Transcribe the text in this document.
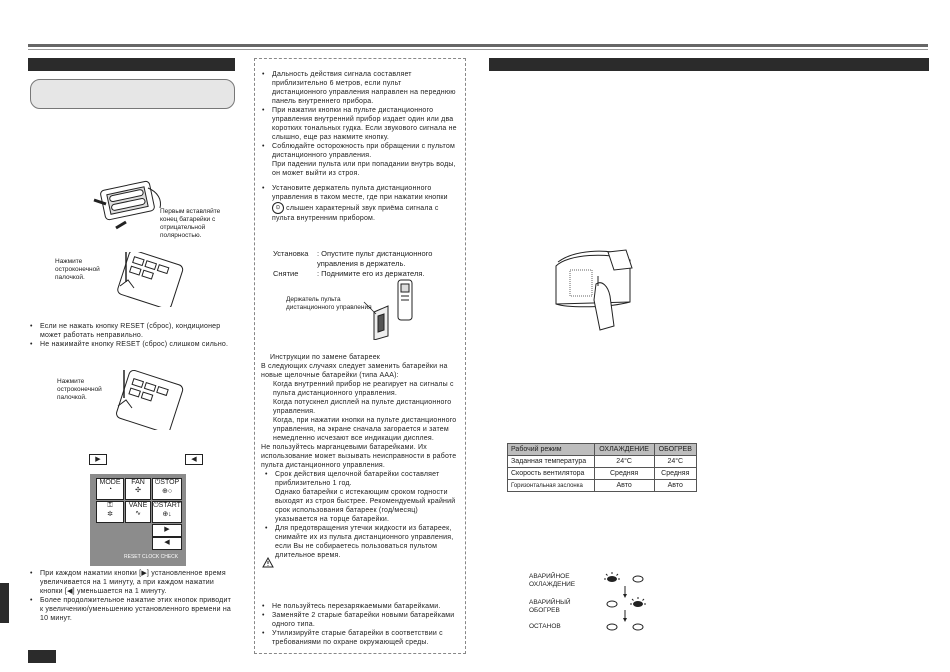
Первым вставляйте конец батарейки с отрицательной полярностью.
Нажмите остроконечной палочкой.

• Если не нажать кнопку RESET (сброс), кондиционер может работать неправильно.

• Не нажимайте кнопку RESET (сброс) слишком сильно.

Нажмите остроконечной палочкой.
▶	◀
MODE
◔
FAN
✣
⏻STOP
⊕○
⚿
✲
VANE
∿
⏻START
⊕↓
▶
◀
RESET CLOCK CHECK

• При каждом нажатии кнопки [▶] установленное время увеличивается на 1 минуту, а при каждом нажатии кнопки [◀] уменьшается на 1 минуту.

• Более продолжительное нажатие этих кнопок приводит к увеличению/уменьшению установленного времени на 10 минут.

• Дальность действия сигнала составляет приблизительно 6 метров, если пульт дистанционного управления направлен на переднюю панель внутреннего прибора.

• При нажатии кнопки на пульте дистанционного управления внутренний прибор издает один или два коротких тональных гудка. Если звукового сигнала не слышно, еще раз нажмите кнопку.

• Соблюдайте осторожность при обращении с пультом дистанционного управления.

При падении пульта или при попадании внутрь воды, он может выйти из строя.

• Установите держатель пульта дистанционного управления в таком месте, где при нажатии кнопки ⊙ слышен характерный звук приёма сигнала с пульта внутренним прибором.

Установка	: Опустите пульт дистанционного управления в держатель.
Снятие	: Поднимите его из держателя.
Держатель пульта дистанционного управления

Инструкции по замене батареек

В следующих случаях следует заменить батарейки на новые щелочные батарейки (типа AAA):

Когда внутренний прибор не реагирует на сигналы с пульта дистанционного управления.

Когда потускнел дисплей на пульте дистанционного управления.

Когда, при нажатии кнопки на пульте дистанционного управления, на экране сначала загорается и затем немедленно исчезают все индикации дисплея.

Не пользуйтесь марганцевыми батарейками. Их использование может вызывать неисправности в работе пульта дистанционного управления.

• Срок действия щелочной батарейки составляет приблизительно 1 год.

Однако батарейки с истекающим сроком годности выходят из строя быстрее. Рекомендуемый крайний срок использования батареек (год/месяц) указывается на торце батарейки.

• Для предотвращения утечки жидкости из батареек, снимайте их из пульта дистанционного управления, если Вы не собираетесь пользоваться пультом длительное время.

• Не пользуйтесь перезаряжаемыми батарейками.

• Заменяйте 2 старые батарейки новыми батарейками одного типа.

• Утилизируйте старые батарейки в соответствии с требованиями по охране окружающей среды.

Рабочий режим	ОХЛАЖДЕНИЕ	ОБОГРЕВ
Заданная температура	24°C	24°C
Скорость вентилятора	Средняя	Средняя
Горизонтальная заслонка	Авто	Авто
АВАРИЙНОЕ ОХЛАЖДЕНИЕ
АВАРИЙНЫЙ ОБОГРЕВ
ОСТАНОВ
